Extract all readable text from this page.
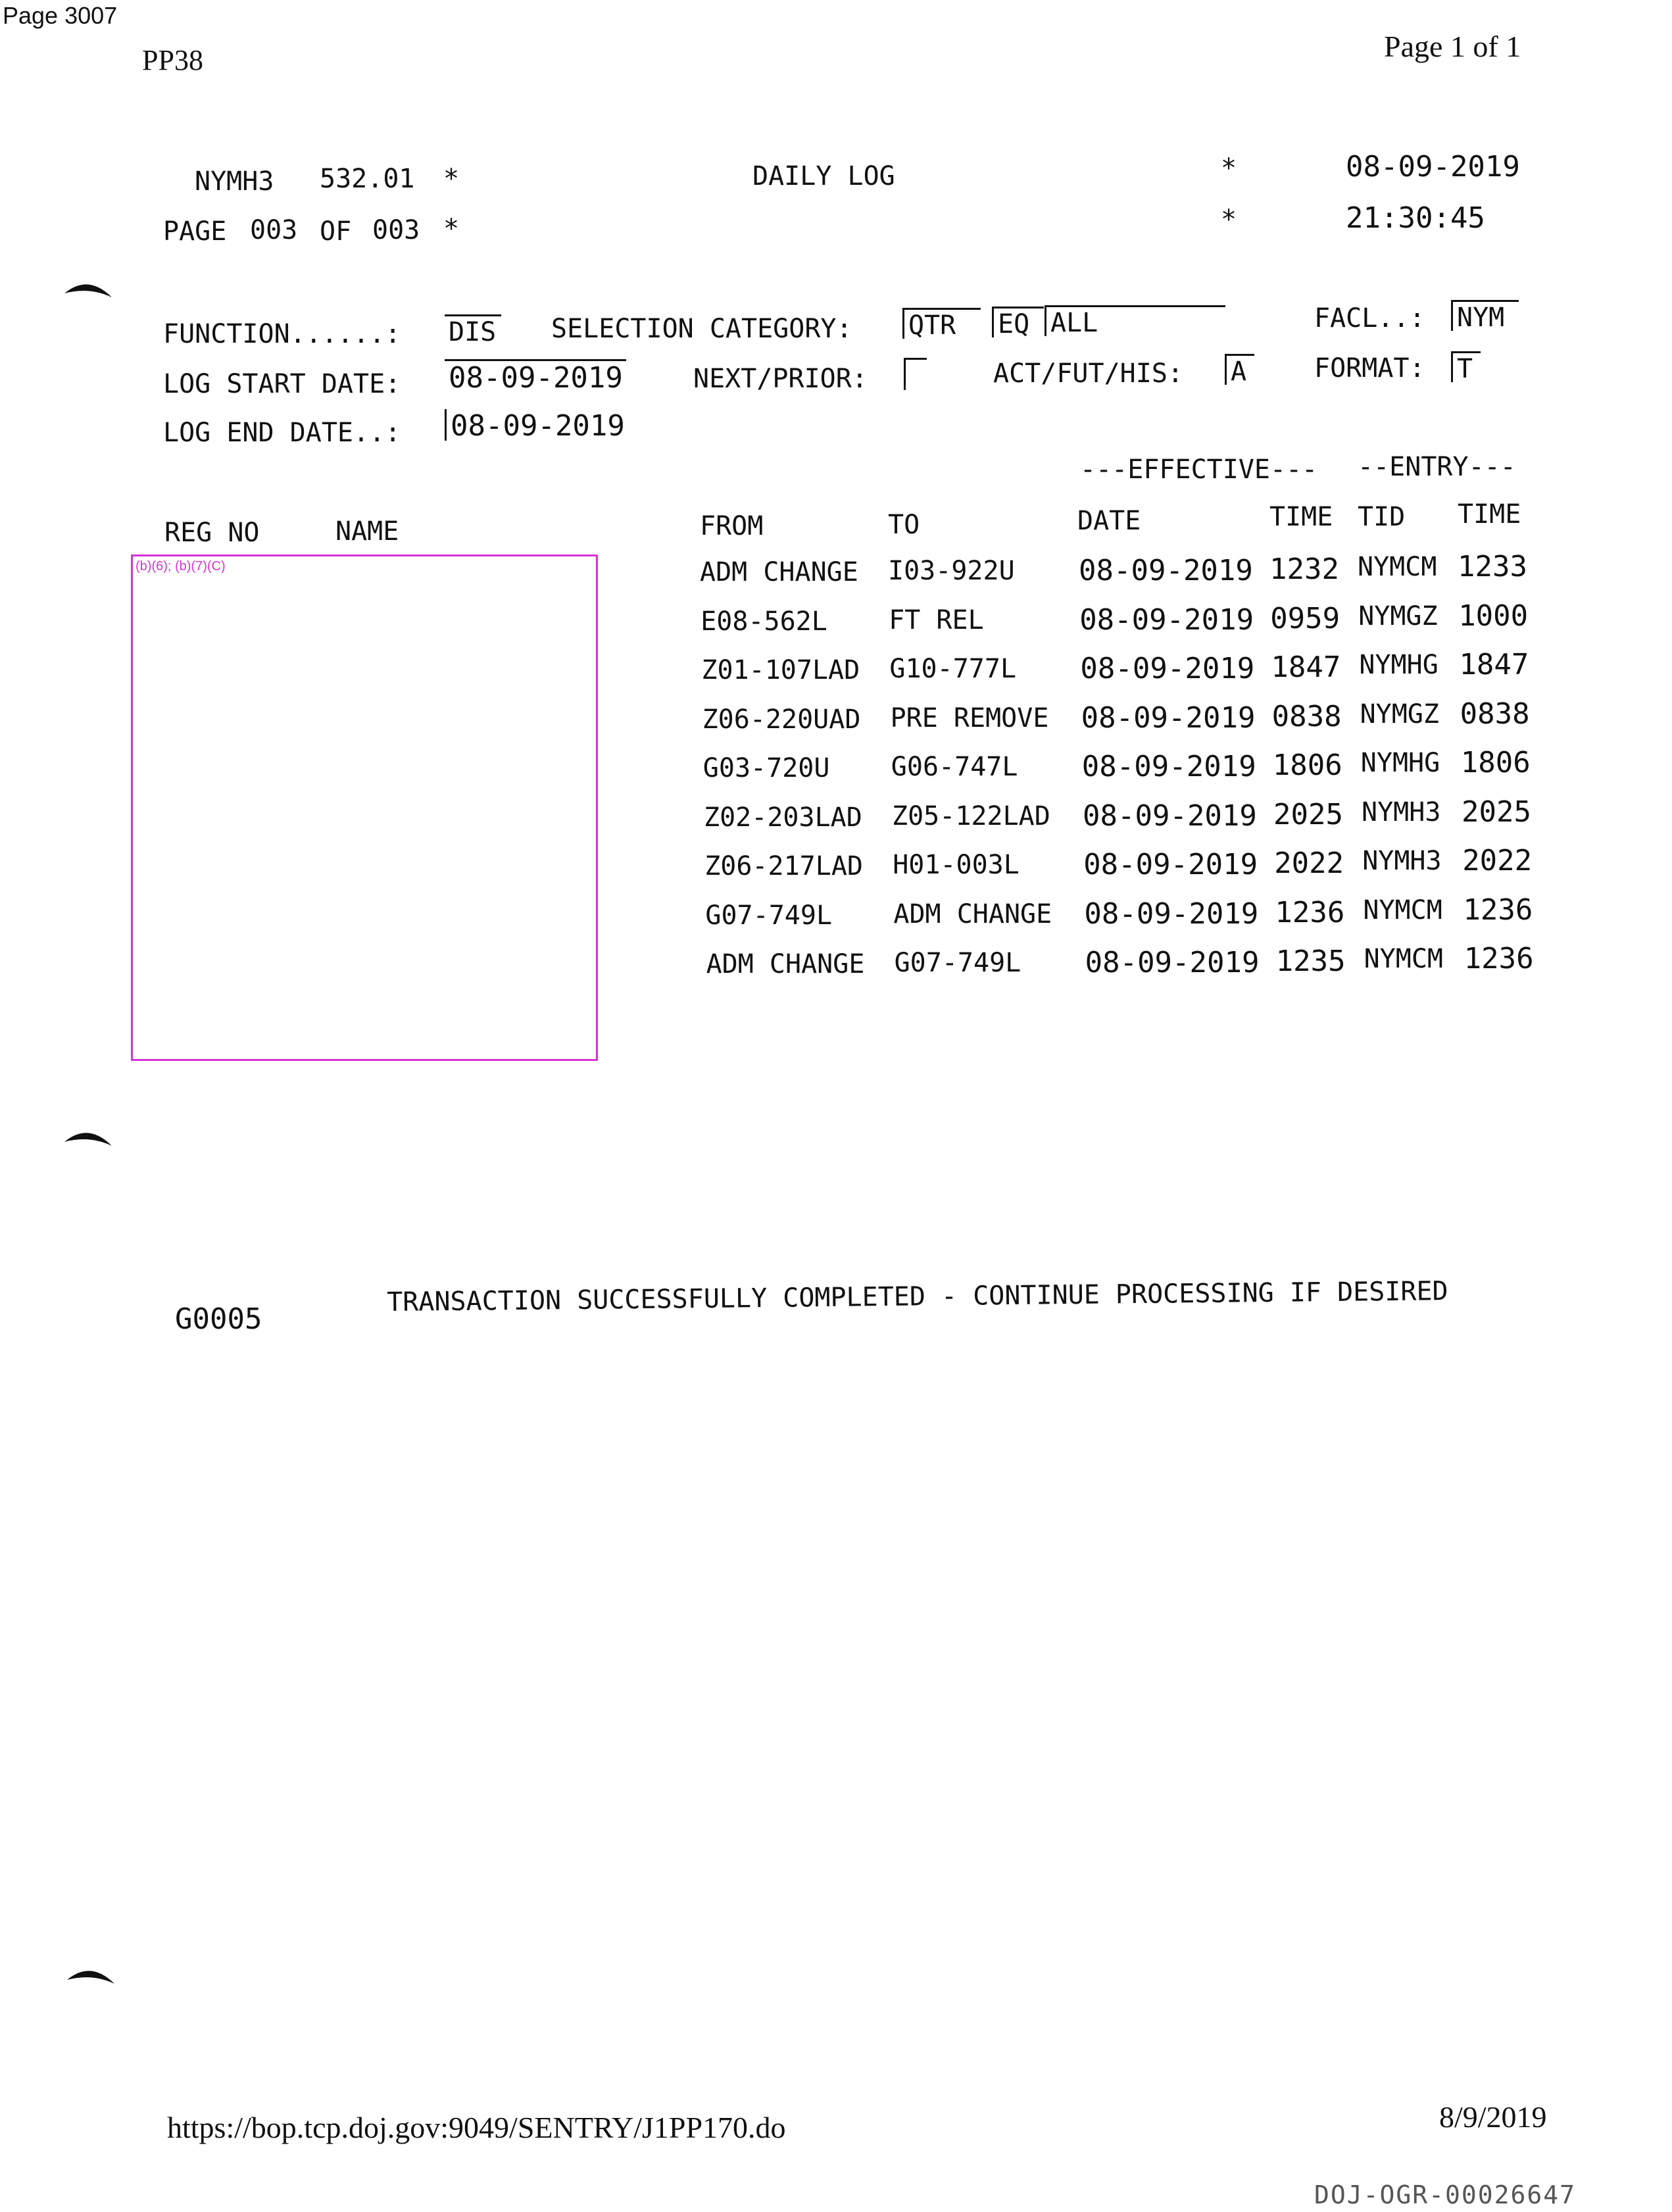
Page 3007
PP38	Page 1 of 1
NYMH3 532.01 *	DAILY LOG	*	08-09-2019
PAGE 003 OF 003 *	*	21:30:45
FUNCTION......: DIS SELECTION CATEGORY: QTR	EQ ALL	FACL..: NYM
LOG START DATE: 08-09-2019	NEXT/PRIOR:	ACT/FUT/HIS: A	FORMAT: T
LOG END DATE..: 08-09-2019
---EFFECTIVE--- --ENTRY---
REG NO	NAME	FROM	TO	DATE	TIME TID TIME
(b)(6); (b)(7)(C)	ADM CHANGE I03-922U 08-09-2019 1232 NYMCM 1233
E08-562L FT REL	08-09-2019 0959 NYMGZ 1000
Z01-107LAD G10-777L 08-09-2019 1847 NYMHG 1847
Z06-220UAD PRE REMOVE 08-09-2019 0838 NYMGZ 0838
G03-720U G06-747L 08-09-2019 1806 NYMHG 1806
Z02-203LAD Z05-122LAD 08-09-2019 2025 NYMH3 2025
Z06-217LAD H01-003L 08-09-2019 2022 NYMH3 2022
G07-749L ADM CHANGE 08-09-2019 1236 NYMCM 1236
ADM CHANGE G07-749L 08-09-2019 1235 NYMCM 1236
G0005
TRANSACTION SUCCESSFULLY COMPLETED - CONTINUE PROCESSING IF DESIRED
https://bop.tcp.doj.gov:9049/SENTRY/J1PP170.do	8/9/2019
DOJ-OGR-00026647
